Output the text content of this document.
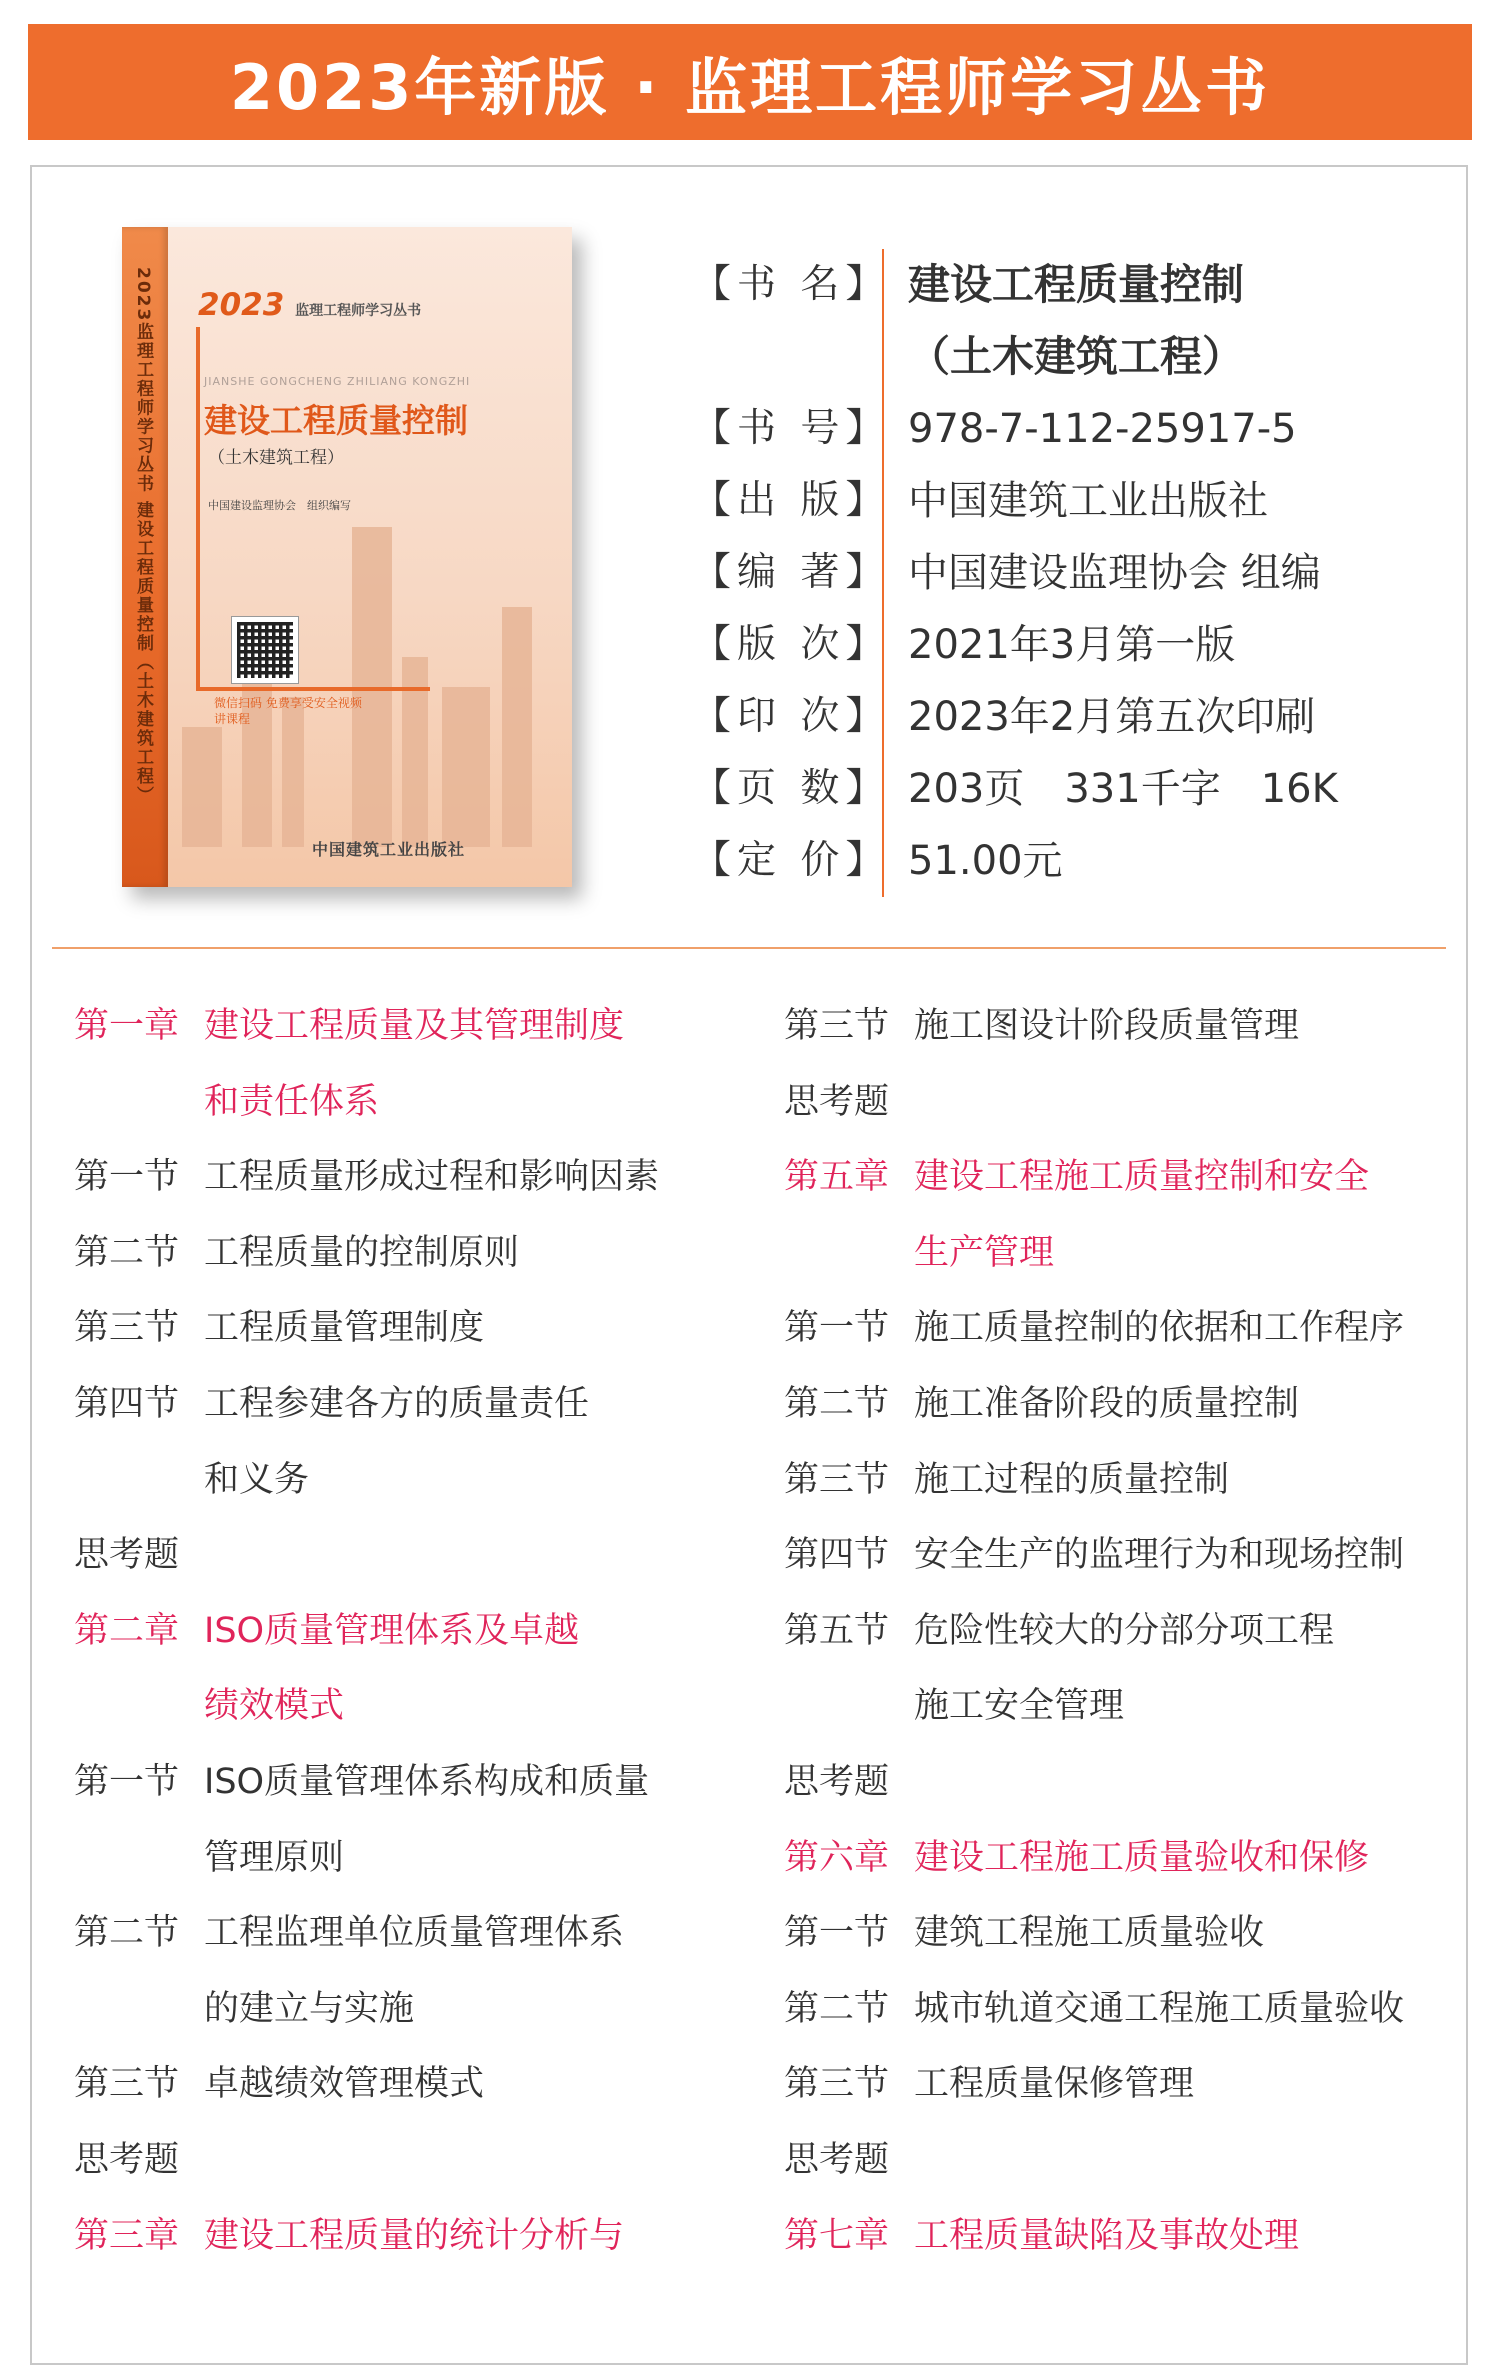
2023年新版 · 监理工程师学习丛书
2023监理工程师学习丛书 建设工程质量控制（土木建筑工程） 2023 监理工程师学习丛书
JIANSHE GONGCHENG ZHILIANG KONGZHI
建设工程质量控制
（土木建筑工程）
中国建设监理协会　组织编写
微信扫码 免费享受安全视频讲课程
中国建筑工业出版社
【书 名】 建设工程质量控制
（土木建筑工程）
【书 号】 978-7-112-25917-5
【出 版】 中国建筑工业出版社
【编 著】 中国建设监理协会 组编
【版 次】 2021年3月第一版
【印 次】 2023年2月第五次印刷
【页 数】 203页　331千字　16K
【定 价】 51.00元
第一章 建设工程质量及其管理制度
和责任体系
第一节 工程质量形成过程和影响因素
第二节 工程质量的控制原则
第三节 工程质量管理制度
第四节 工程参建各方的质量责任
和义务
思考题
第二章 ISO质量管理体系及卓越
绩效模式
第一节 ISO质量管理体系构成和质量
管理原则
第二节 工程监理单位质量管理体系
的建立与实施
第三节 卓越绩效管理模式
思考题
第三章 建设工程质量的统计分析与
第三节 施工图设计阶段质量管理
思考题
第五章 建设工程施工质量控制和安全
生产管理
第一节 施工质量控制的依据和工作程序
第二节 施工准备阶段的质量控制
第三节 施工过程的质量控制
第四节 安全生产的监理行为和现场控制
第五节 危险性较大的分部分项工程
施工安全管理
思考题
第六章 建设工程施工质量验收和保修
第一节 建筑工程施工质量验收
第二节 城市轨道交通工程施工质量验收
第三节 工程质量保修管理
思考题
第七章 工程质量缺陷及事故处理
